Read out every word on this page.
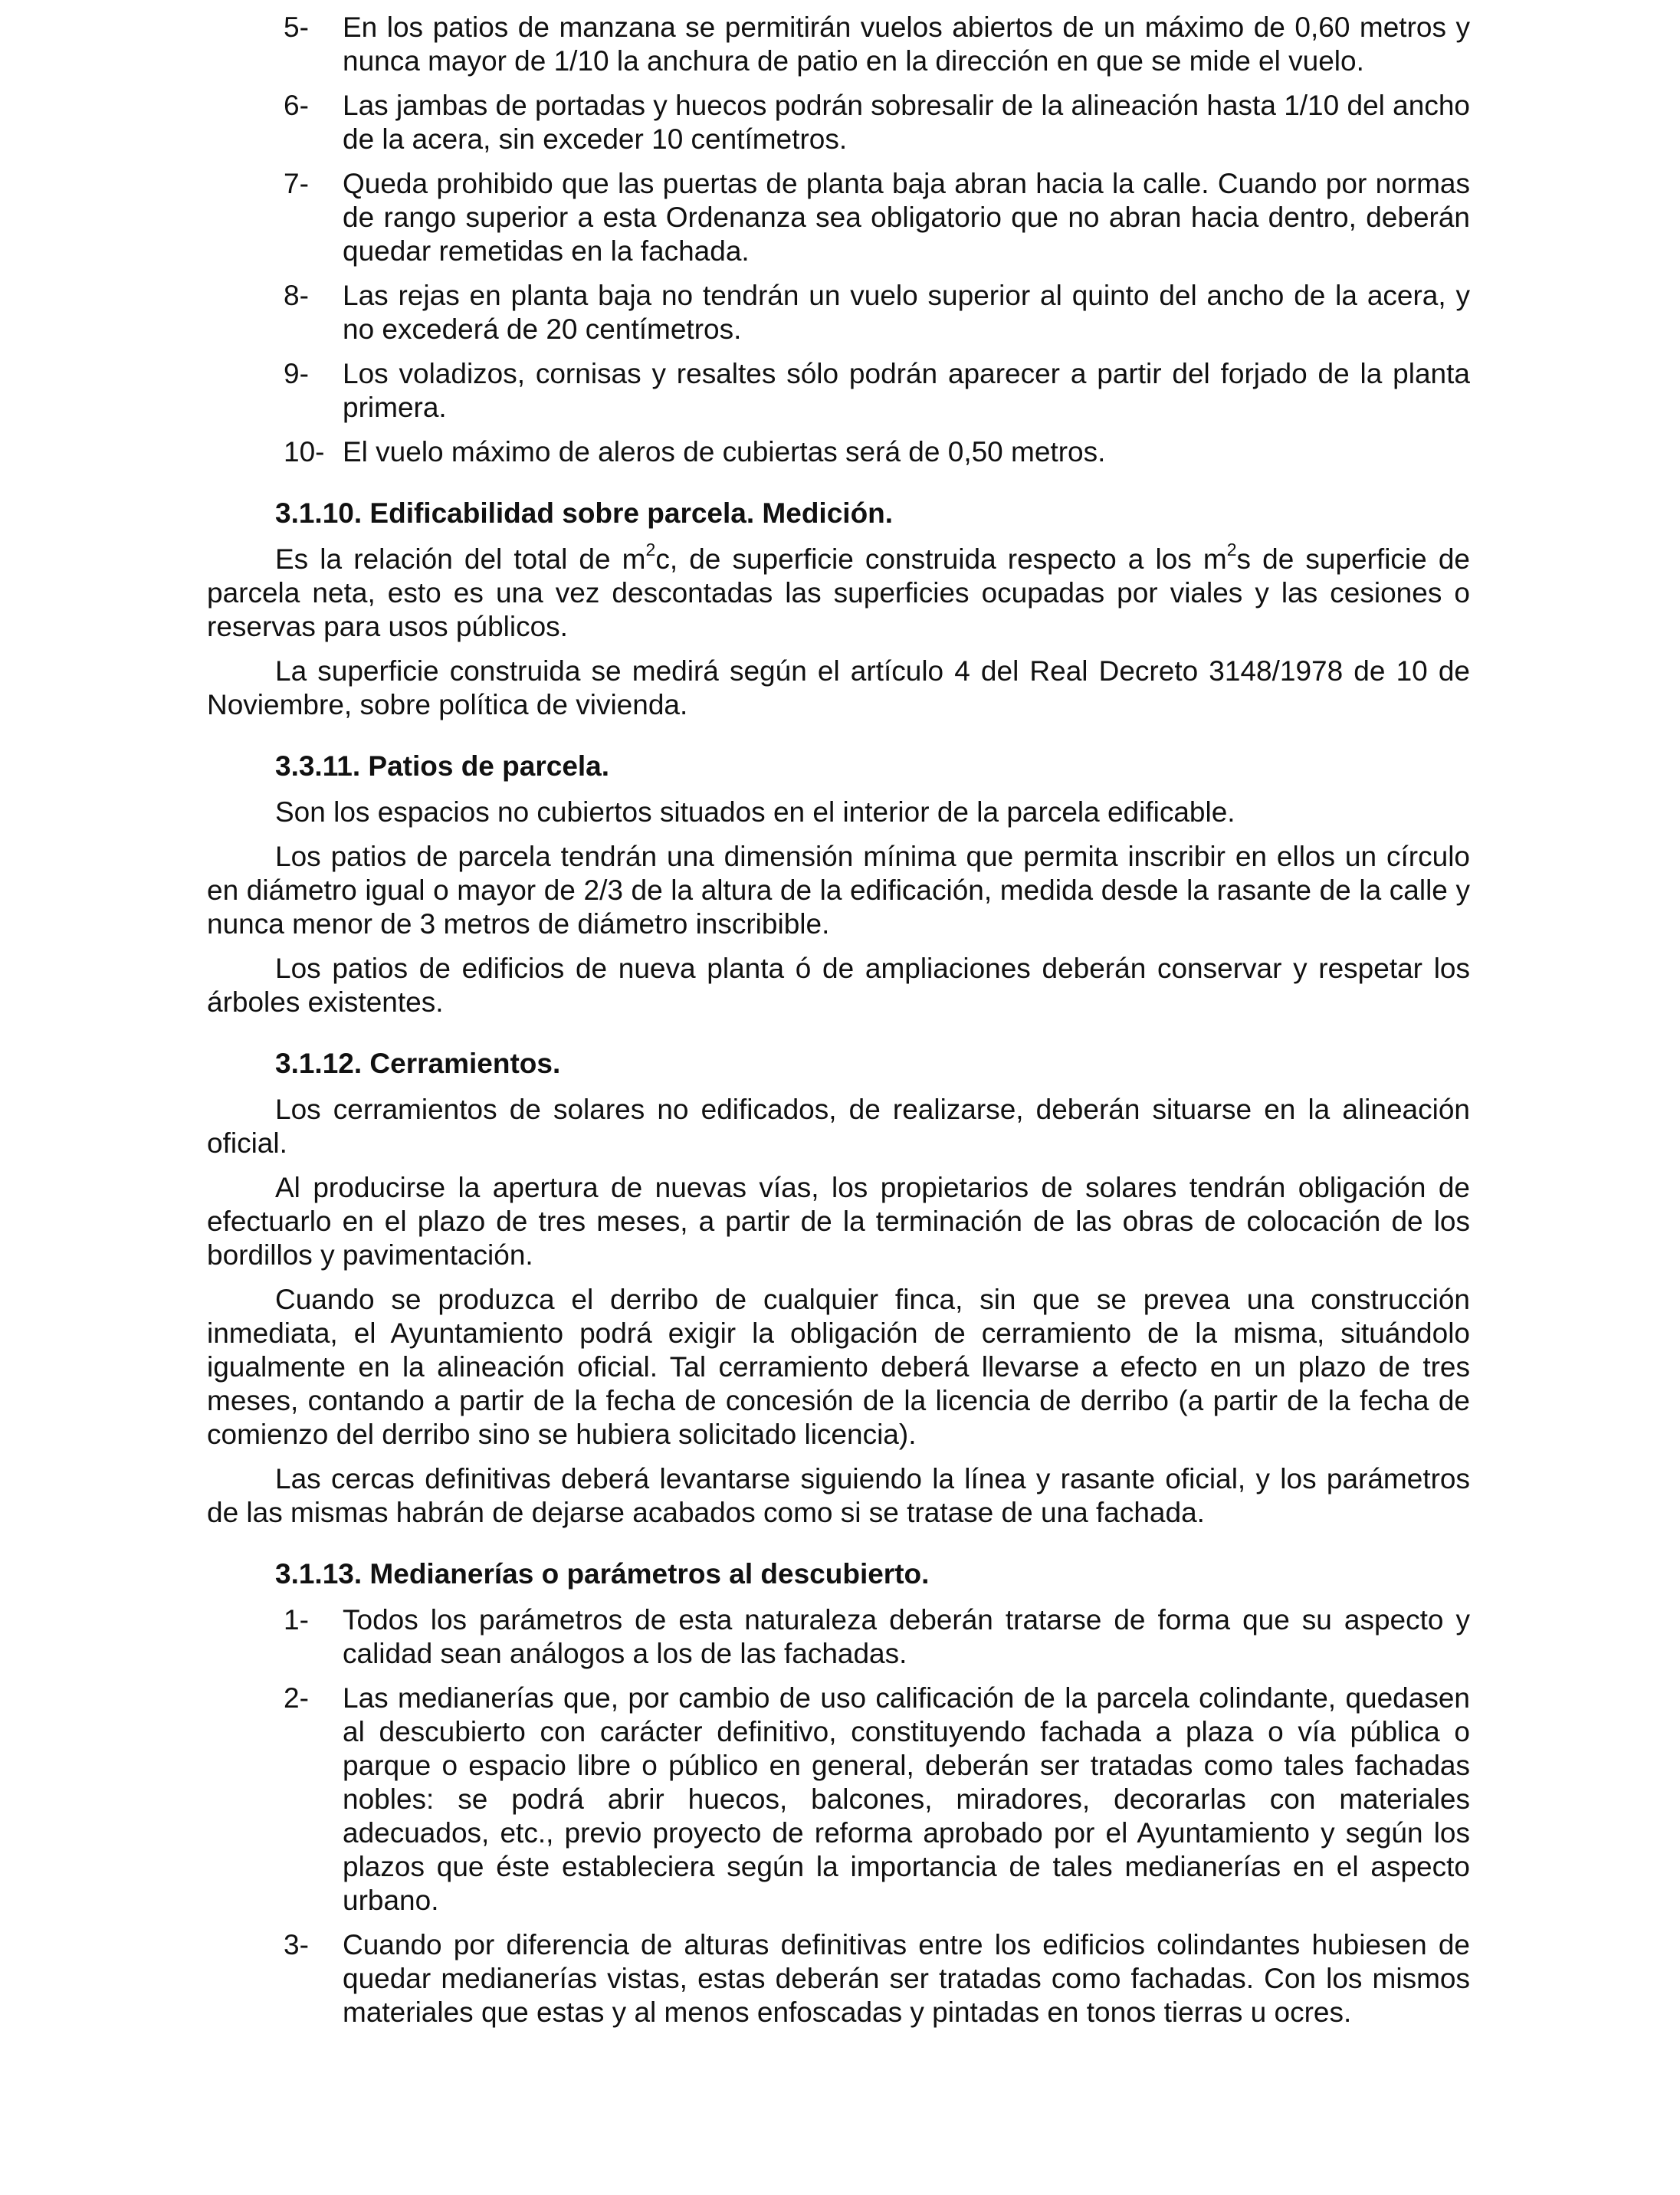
5- En los patios de manzana se permitirán vuelos abiertos de un máximo de 0,60 metros y nunca mayor de 1/10 la anchura de patio en la dirección en que se mide el vuelo.
6- Las jambas de portadas y huecos podrán sobresalir de la alineación hasta 1/10 del ancho de la acera, sin exceder 10 centímetros.
7- Queda prohibido que las puertas de planta baja abran hacia la calle. Cuando por normas de rango superior a esta Ordenanza sea obligatorio que no abran hacia dentro, deberán quedar remetidas en la fachada.
8- Las rejas en planta baja no tendrán un vuelo superior al quinto del ancho de la acera, y no excederá de 20 centímetros.
9- Los voladizos, cornisas y resaltes sólo podrán aparecer a partir del forjado de la planta primera.
10- El vuelo máximo de aleros de cubiertas será de 0,50 metros.
3.1.10. Edificabilidad sobre parcela. Medición.

Es la relación del total de $m^2c$, de superficie construida respecto a los $m^2s$ de superficie de parcela neta, esto es una vez descontadas las superficies ocupadas por viales y las cesiones o reservas para usos públicos.

La superficie construida se medirá según el artículo 4 del Real Decreto 3148/1978 de 10 de Noviembre, sobre política de vivienda.

3.3.11. Patios de parcela.

Son los espacios no cubiertos situados en el interior de la parcela edificable.

Los patios de parcela tendrán una dimensión mínima que permita inscribir en ellos un círculo en diámetro igual o mayor de 2/3 de la altura de la edificación, medida desde la rasante de la calle y nunca menor de 3 metros de diámetro inscribible.

Los patios de edificios de nueva planta ó de ampliaciones deberán conservar y respetar los árboles existentes.

3.1.12. Cerramientos.

Los cerramientos de solares no edificados, de realizarse, deberán situarse en la alineación oficial.

Al producirse la apertura de nuevas vías, los propietarios de solares tendrán obligación de efectuarlo en el plazo de tres meses, a partir de la terminación de las obras de colocación de los bordillos y pavimentación.

Cuando se produzca el derribo de cualquier finca, sin que se prevea una construcción inmediata, el Ayuntamiento podrá exigir la obligación de cerramiento de la misma, situándolo igualmente en la alineación oficial. Tal cerramiento deberá llevarse a efecto en un plazo de tres meses, contando a partir de la fecha de concesión de la licencia de derribo (a partir de la fecha de comienzo del derribo sino se hubiera solicitado licencia).

Las cercas definitivas deberá levantarse siguiendo la línea y rasante oficial, y los parámetros de las mismas habrán de dejarse acabados como si se tratase de una fachada.

3.1.13. Medianerías o parámetros al descubierto.
1- Todos los parámetros de esta naturaleza deberán tratarse de forma que su aspecto y calidad sean análogos a los de las fachadas.
2- Las medianerías que, por cambio de uso calificación de la parcela colindante, quedasen al descubierto con carácter definitivo, constituyendo fachada a plaza o vía pública o parque o espacio libre o público en general, deberán ser tratadas como tales fachadas nobles: se podrá abrir huecos, balcones, miradores, decorarlas con materiales adecuados, etc., previo proyecto de reforma aprobado por el Ayuntamiento y según los plazos que éste estableciera según la importancia de tales medianerías en el aspecto urbano.
3- Cuando por diferencia de alturas definitivas entre los edificios colindantes hubiesen de quedar medianerías vistas, estas deberán ser tratadas como fachadas. Con los mismos materiales que estas y al menos enfoscadas y pintadas en tonos tierras u ocres.
